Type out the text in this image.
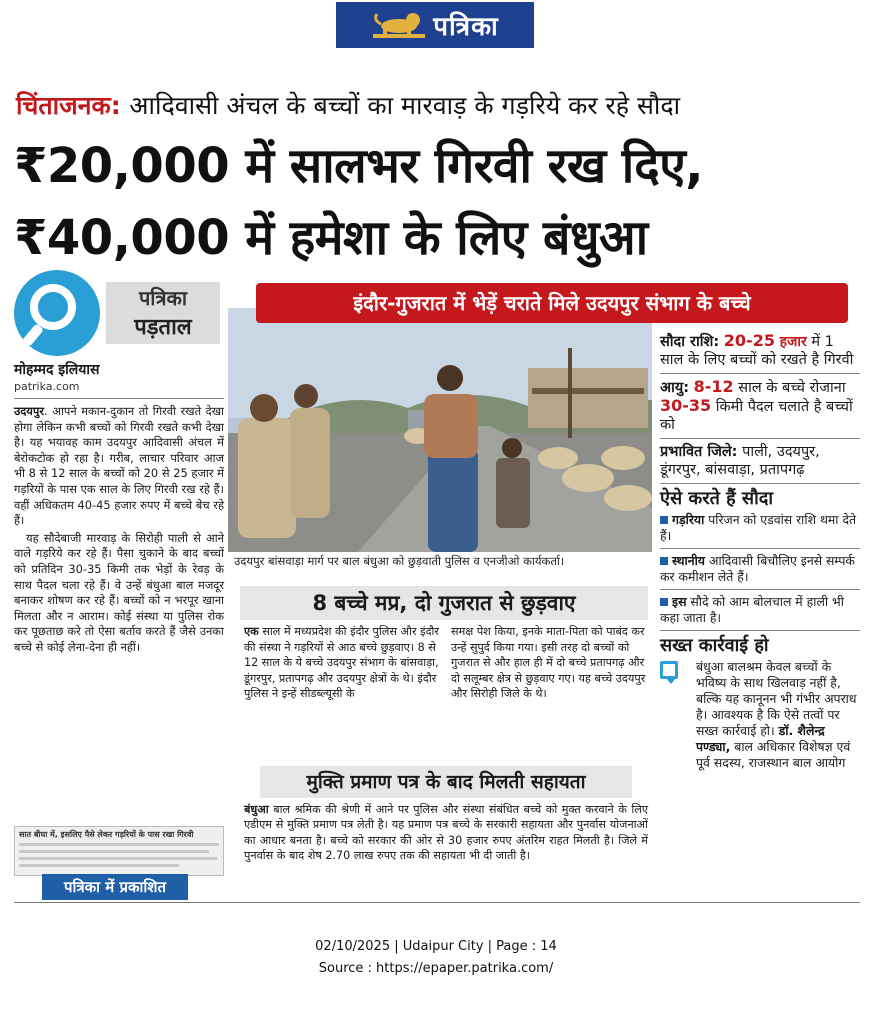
पत्रिका
चिंताजनक: आदिवासी अंचल के बच्चों का मारवाड़ के गड़रिये कर रहे सौदा
₹20,000 में सालभर गिरवी रख दिए,
₹40,000 में हमेशा के लिए बंधुआ
पत्रिका
पड़ताल
मोहम्मद इलियास
patrika.com

उदयपुर. आपने मकान-दुकान तो गिरवी रखते देखा होगा लेकिन कभी बच्चों को गिरवी रखते कभी देखा है। यह भयावह काम उदयपुर आदिवासी अंचल में बेरोकटोक हो रहा है। गरीब, लाचार परिवार आज भी 8 से 12 साल के बच्चों को 20 से 25 हजार में गड़रियों के पास एक साल के लिए गिरवी रख रहे हैं। वहीं अधिकतम 40-45 हजार रुपए में बच्चे बेच रहे हैं।

यह सौदेबाजी मारवाड़ के सिरोही पाली से आने वाले गड़रिये कर रहे हैं। पैसा चुकाने के बाद बच्चों को प्रतिदिन 30-35 किमी तक भेड़ों के रेवड़ के साथ पैदल चला रहे हैं। वे उन्हें बंधुआ बाल मजदूर बनाकर शोषण कर रहे हैं। बच्चों को न भरपूर खाना मिलता और न आराम। कोई संस्था या पुलिस रोक कर पूछताछ करे तो ऐसा बर्ताव करते हैं जैसे उनका बच्चे से कोई लेना-देना ही नहीं।

सात बीघा में, इसलिए पैसे लेकर गड़रियों के पास रखा गिरवी
पत्रिका में प्रकाशित
इंदौर-गुजरात में भेड़ें चराते मिले उदयपुर संभाग के बच्चे
उदयपुर बांसवाड़ा मार्ग पर बाल बंधुआ को छुड़वाती पुलिस व एनजीओ कार्यकर्ता।
सौदा राशि: 20-25 हजार में 1 साल के लिए बच्चों को रखते है गिरवी
आयु: 8-12 साल के बच्चे रोजाना 30-35 किमी पैदल चलाते है बच्चों को
प्रभावित जिले: पाली, उदयपुर, डूंगरपुर, बांसवाड़ा, प्रतापगढ़
ऐसे करते हैं सौदा
गड़रिया परिजन को एडवांस राशि थमा देते हैं।
स्थानीय आदिवासी बिचौलिए इनसे सम्पर्क कर कमीशन लेते हैं।
इस सौदे को आम बोलचाल में हाली भी कहा जाता है।
सख्त कार्रवाई हो
बंधुआ बालश्रम केवल बच्चों के भविष्य के साथ खिलवाड़ नहीं है, बल्कि यह कानूनन भी गंभीर अपराध है। आवश्यक है कि ऐसे तत्वों पर सख्त कार्रवाई हो। डॉ. शैलेन्द्र पण्ड्या, बाल अधिकार विशेषज्ञ एवं पूर्व सदस्य, राजस्थान बाल आयोग
8 बच्चे मप्र, दो गुजरात से छुड़वाए
एक साल में मध्यप्रदेश की इंदौर पुलिस और इंदौर की संस्था ने गड़रियों से आठ बच्चे छुड़वाए। 8 से 12 साल के ये बच्चे उदयपुर संभाग के बांसवाड़ा, डूंगरपुर, प्रतापगढ़ और उदयपुर क्षेत्रों के थे। इंदौर पुलिस ने इन्हें सीडब्ल्यूसी के
समक्ष पेश किया, इनके माता-पिता को पाबंद कर उन्हें सुपुर्द किया गया। इसी तरह दो बच्चों को गुजरात से और हाल ही में दो बच्चे प्रतापगढ़ और दो सलूम्बर क्षेत्र से छुड़वाए गए। यह बच्चे उदयपुर और सिरोही जिले के थे।
मुक्ति प्रमाण पत्र के बाद मिलती सहायता
बंधुआ बाल श्रमिक की श्रेणी में आने पर पुलिस और संस्था संबंधित बच्चे को मुक्त करवाने के लिए एडीएम से मुक्ति प्रमाण पत्र लेती है। यह प्रमाण पत्र बच्चे के सरकारी सहायता और पुनर्वास योजनाओं का आधार बनता है। बच्चे को सरकार की ओर से 30 हजार रुपए अंतरिम राहत मिलती है। जिले में पुनर्वास के बाद शेष 2.70 लाख रुपए तक की सहायता भी दी जाती है।
02/10/2025 | Udaipur City | Page : 14
Source : https://epaper.patrika.com/
